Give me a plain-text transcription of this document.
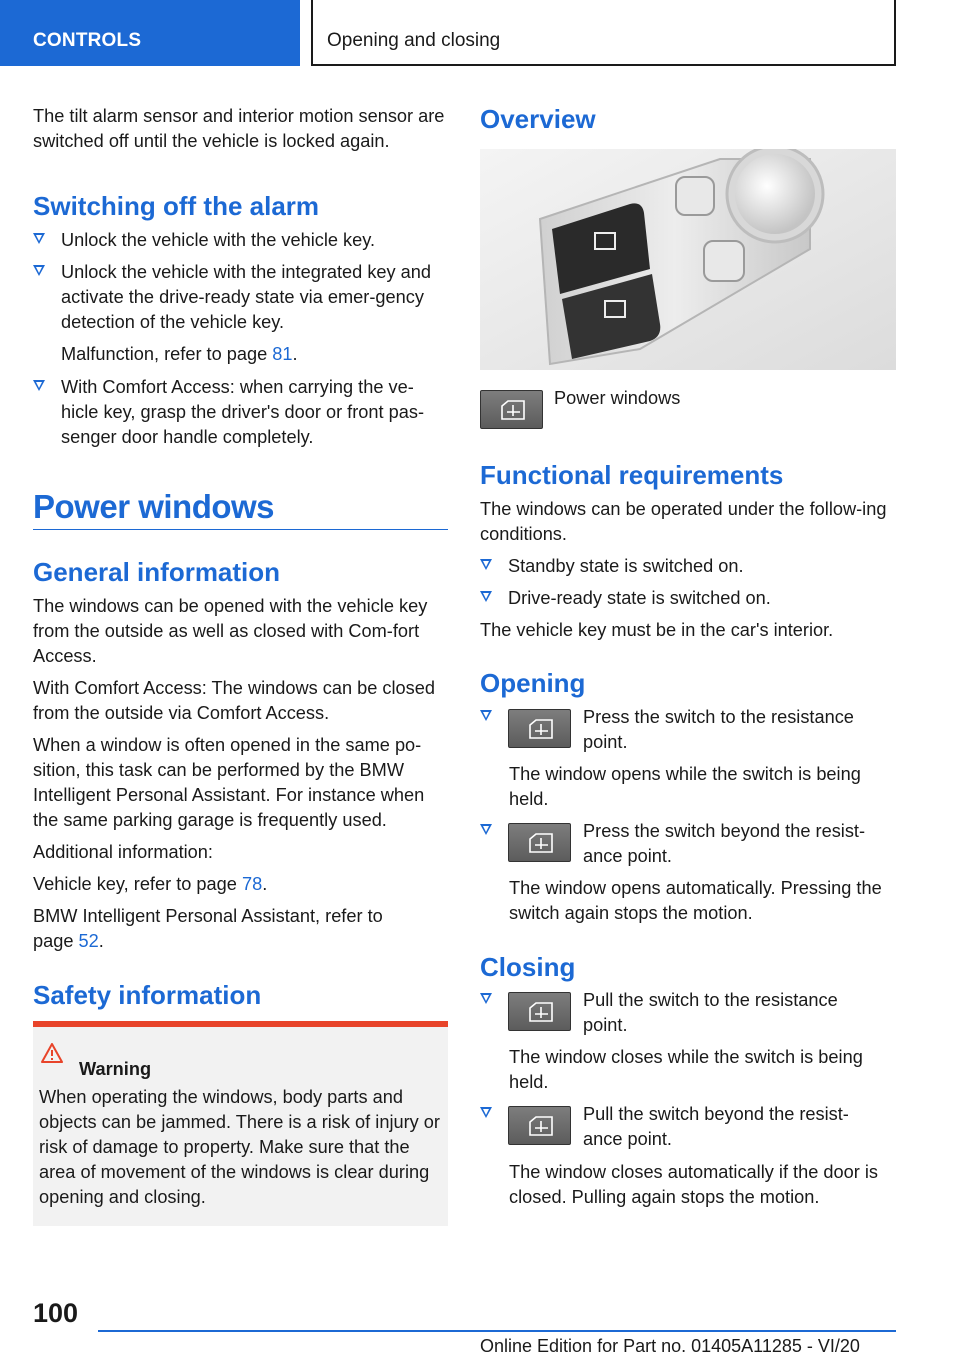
CONTROLS	Opening and closing

The tilt alarm sensor and interior motion sensor are switched off until the vehicle is locked again.

Switching off the alarm
Unlock the vehicle with the vehicle key.
Unlock the vehicle with the integrated key and activate the drive-ready state via emer-gency detection of the vehicle key.

Malfunction, refer to page 81.

With Comfort Access: when carrying the ve-hicle key, grasp the driver's door or front pas-senger door handle completely.
Power windows
General information

The windows can be opened with the vehicle key from the outside as well as closed with Com-fort Access.

With Comfort Access: The windows can be closed from the outside via Comfort Access.

When a window is often opened in the same po-sition, this task can be performed by the BMW Intelligent Personal Assistant. For instance when the same parking garage is frequently used.

Additional information:

Vehicle key, refer to page 78.

BMW Intelligent Personal Assistant, refer to page 52.

Safety information
Warning

When operating the windows, body parts and objects can be jammed. There is a risk of injury or risk of damage to property. Make sure that the area of movement of the windows is clear during opening and closing.

Overview

Power windows

Functional requirements

The windows can be operated under the follow-ing conditions.

Standby state is switched on.
Drive-ready state is switched on.

The vehicle key must be in the car's interior.

Opening

Press the switch to the resistance point.

The window opens while the switch is being held.

Press the switch beyond the resist-ance point.

The window opens automatically. Pressing the switch again stops the motion.

Closing

Pull the switch to the resistance point.

The window closes while the switch is being held.

Pull the switch beyond the resist-ance point.

The window closes automatically if the door is closed. Pulling again stops the motion.

100
Online Edition for Part no. 01405A11285 - VI/20
